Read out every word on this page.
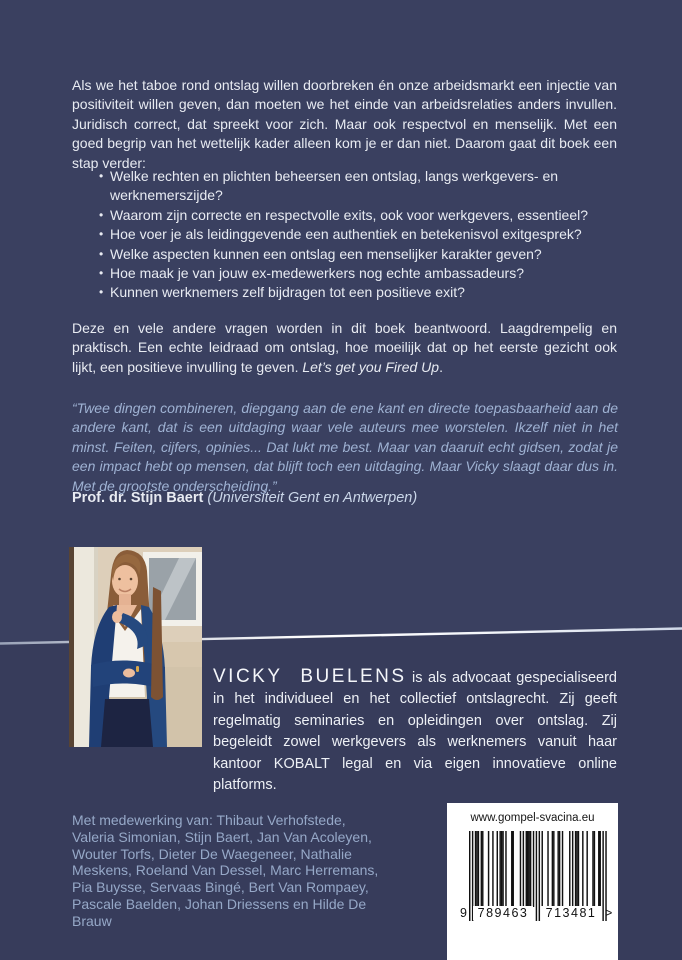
Als we het taboe rond ontslag willen doorbreken én onze arbeidsmarkt een injectie van positiviteit willen geven, dan moeten we het einde van arbeidsrelaties anders invullen. Juridisch correct, dat spreekt voor zich. Maar ook respectvol en menselijk. Met een goed begrip van het wettelijk kader alleen kom je er dan niet. Daarom gaat dit boek een stap verder:

• Welke rechten en plichten beheersen een ontslag, langs werkgevers- en werknemerszijde?
• Waarom zijn correcte en respectvolle exits, ook voor werkgevers, essentieel?
• Hoe voer je als leidinggevende een authentiek en betekenisvol exitgesprek?
• Welke aspecten kunnen een ontslag een menselijker karakter geven?
• Hoe maak je van jouw ex-medewerkers nog echte ambassadeurs?
• Kunnen werknemers zelf bijdragen tot een positieve exit?

Deze en vele andere vragen worden in dit boek beantwoord. Laagdrempelig en praktisch. Een echte leidraad om ontslag, hoe moeilijk dat op het eerste gezicht ook lijkt, een positieve invulling te geven. Let’s get you Fired Up.

“Twee dingen combineren, diepgang aan de ene kant en directe toepasbaarheid aan de andere kant, dat is een uitdaging waar vele auteurs mee worstelen. Ikzelf niet in het minst. Feiten, cijfers, opinies... Dat lukt me best. Maar van daaruit echt gidsen, zodat je een impact hebt op mensen, dat blijft toch een uitdaging. Maar Vicky slaagt daar dus in. Met de grootste onderscheiding.”

Prof. dr. Stijn Baert (Universiteit Gent en Antwerpen)

VICKY BUELENS is als advocaat gespecialiseerd in het individueel en het collectief ontslagrecht. Zij geeft regelmatig seminaries en opleidingen over ontslag. Zij begeleidt zowel werkgevers als werknemers vanuit haar kantoor KOBALT legal en via eigen innovatieve online platforms.

Met medewerking van: Thibaut Verhofstede, Valeria Simonian, Stijn Baert, Jan Van Acoleyen, Wouter Torfs, Dieter De Waegeneer, Nathalie Meskens, Roeland Van Dessel, Marc Herremans, Pia Buysse, Servaas Bingé, Bert Van Rompaey, Pascale Baelden, Johan Driessens en Hilde De Brauw

www.gompel-svacina.eu
9 789463	713481 >
